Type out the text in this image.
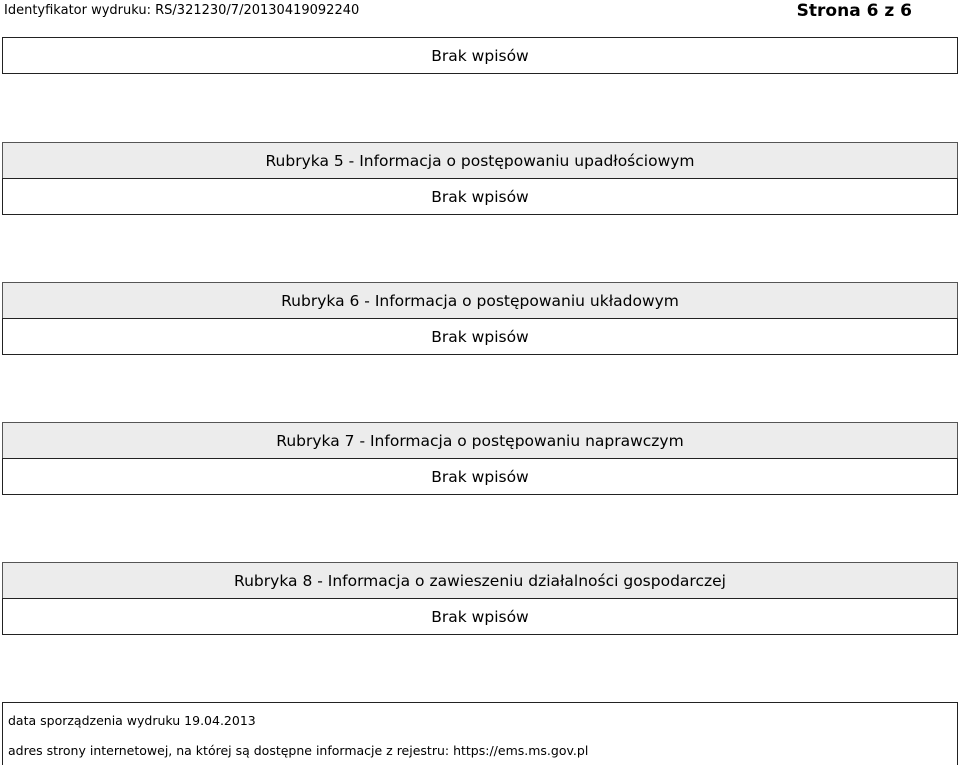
Identyfikator wydruku: RS/321230/7/20130419092240	Strona 6 z 6
Brak wpisów
Rubryka 5 - Informacja o postępowaniu upadłościowym
Brak wpisów
Rubryka 6 - Informacja o postępowaniu układowym
Brak wpisów
Rubryka 7 - Informacja o postępowaniu naprawczym
Brak wpisów
Rubryka 8 - Informacja o zawieszeniu działalności gospodarczej
Brak wpisów
data sporządzenia wydruku 19.04.2013
adres strony internetowej, na której są dostępne informacje z rejestru: https://ems.ms.gov.pl
